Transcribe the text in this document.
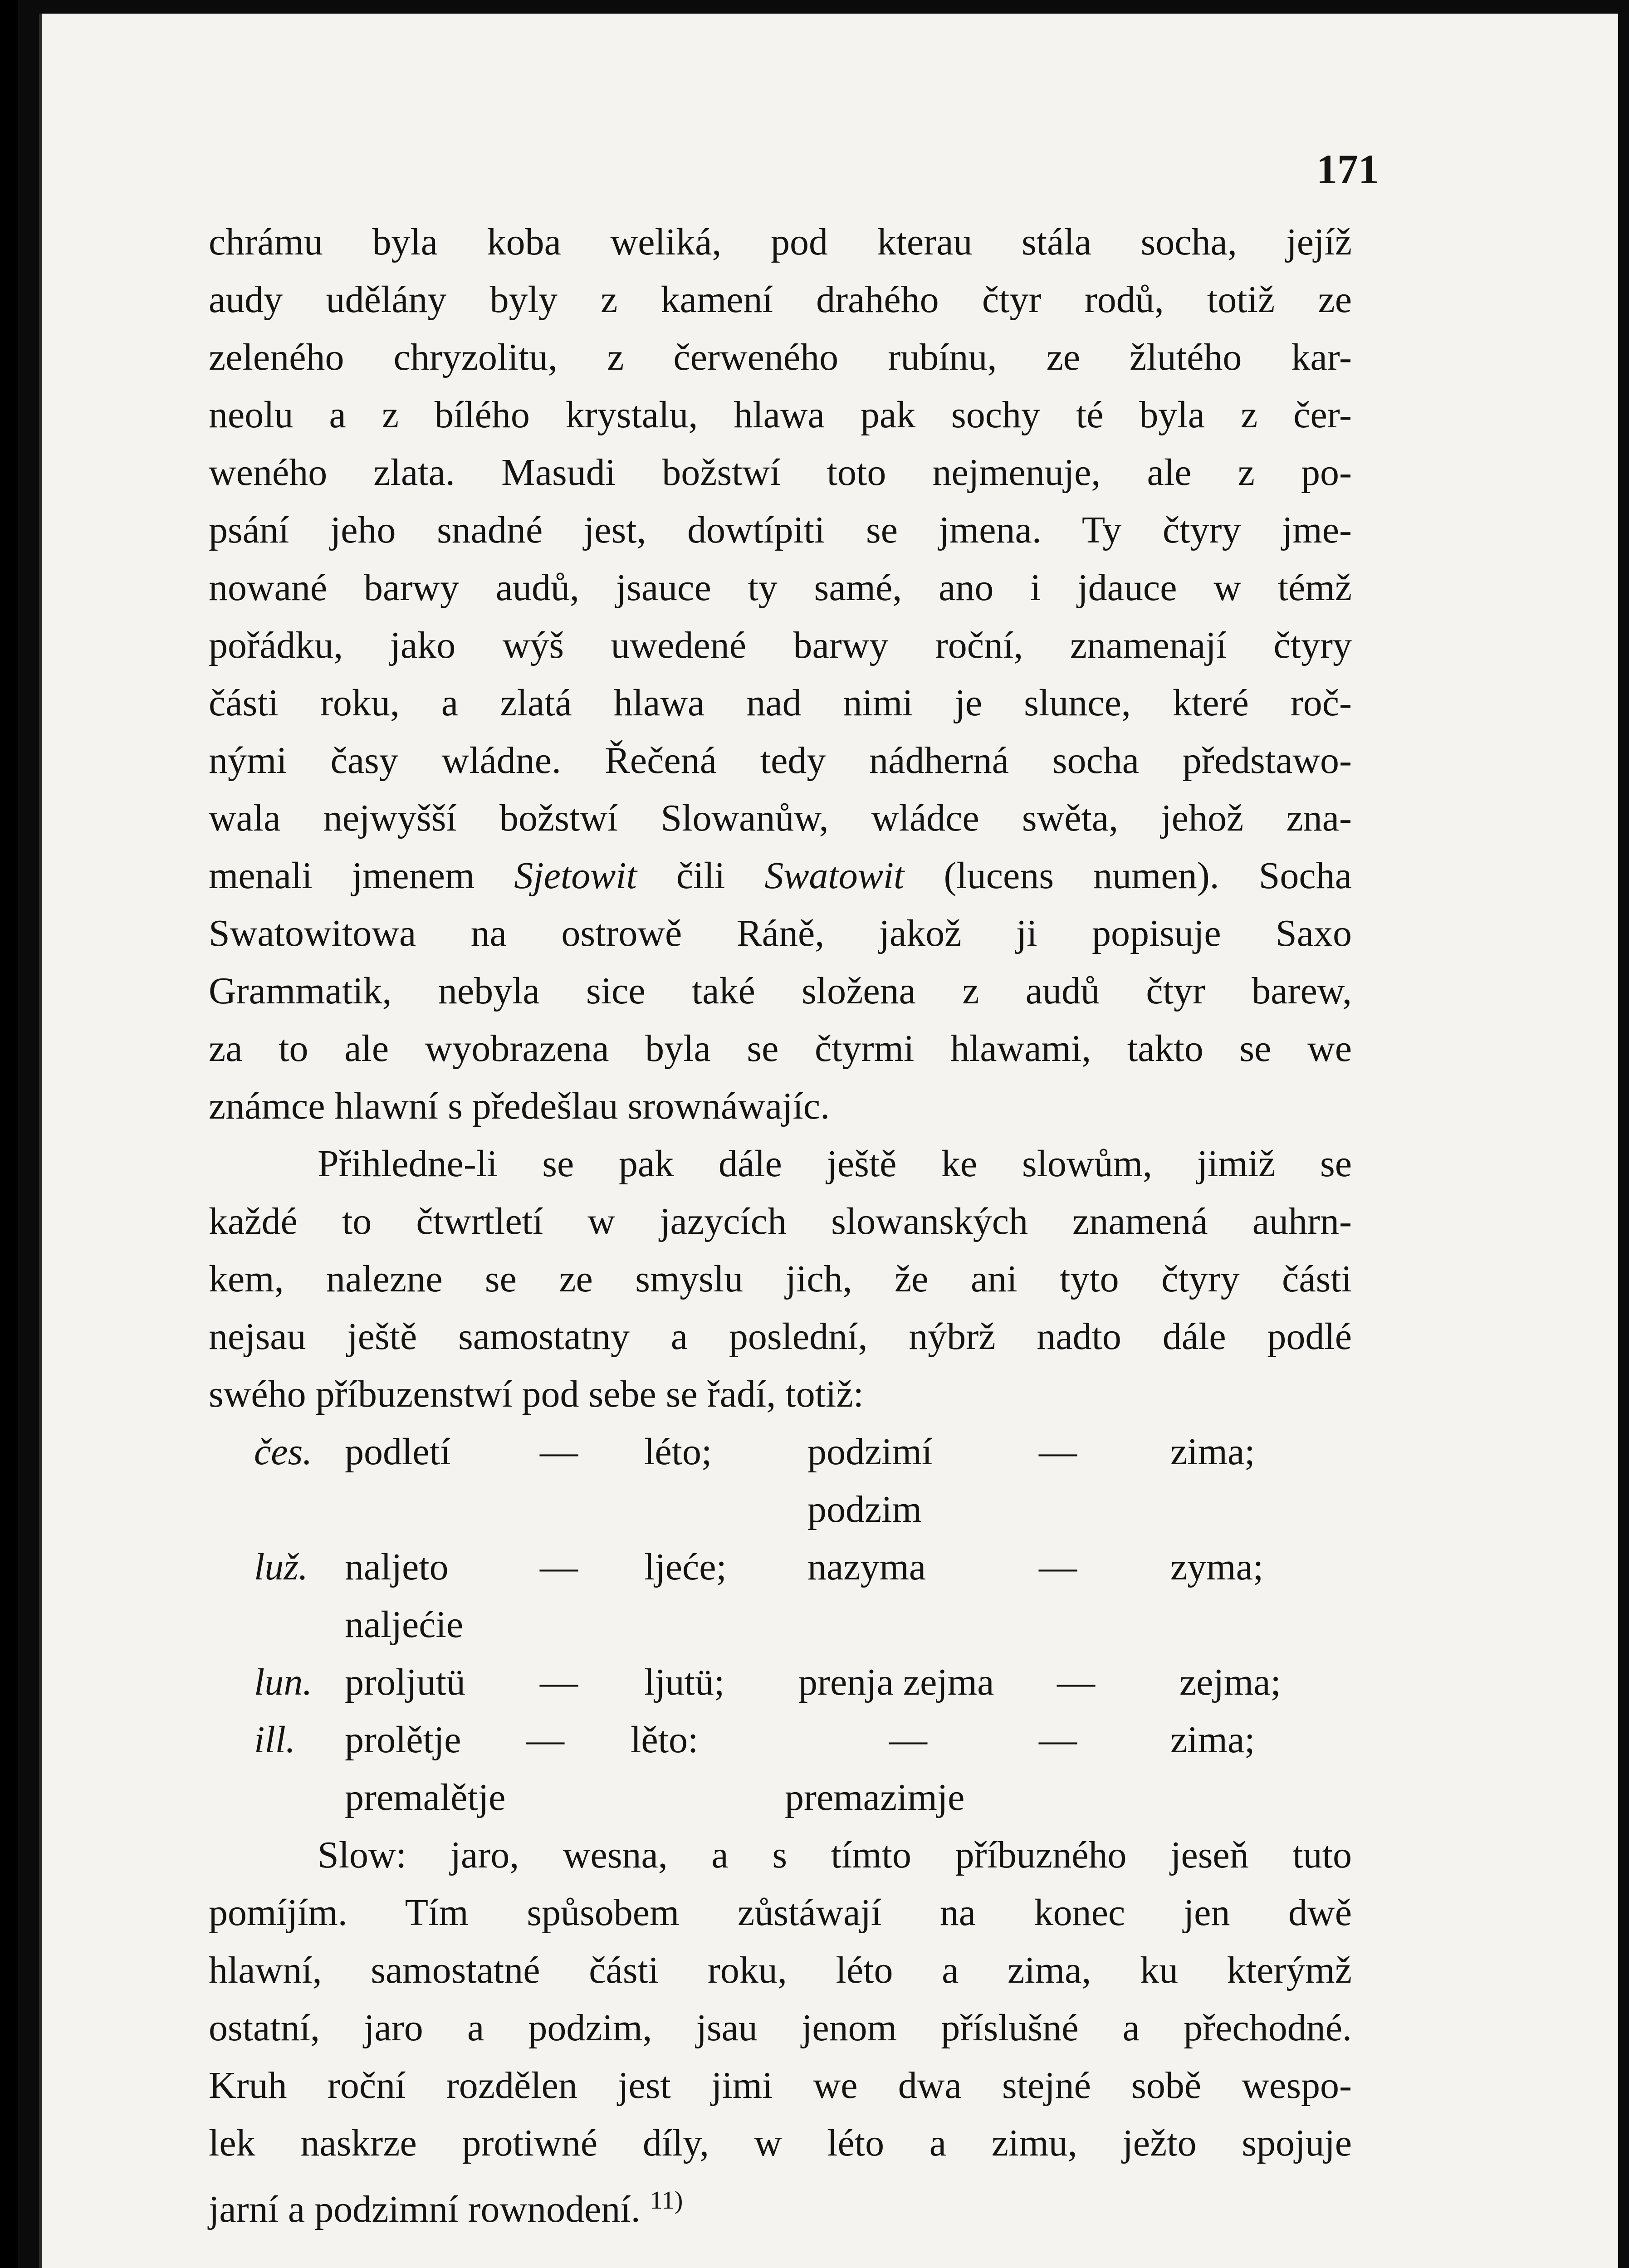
171
chrámu byla koba weliká, pod kterau stála socha, jejíž
audy udělány byly z kamení drahého čtyr rodů, totiž ze
zeleného chryzolitu, z čerweného rubínu, ze žlutého kar-
neolu a z bílého krystalu, hlawa pak sochy té byla z čer-
weného zlata. Masudi božstwí toto nejmenuje, ale z po-
psání jeho snadné jest, dowtípiti se jmena. Ty čtyry jme-
nowané barwy audů, jsauce ty samé, ano i jdauce w témž
pořádku, jako wýš uwedené barwy roční, znamenají čtyry
části roku, a zlatá hlawa nad nimi je slunce, které roč-
nými časy wládne. Řečená tedy nádherná socha předstawo-
wala nejwyšší božstwí Slowanůw, wládce swěta, jehož zna-
menali jmenem Sjetowit čili Swatowit (lucens numen). Socha
Swatowitowa na ostrowě Ráně, jakož ji popisuje Saxo
Grammatik, nebyla sice také složena z audů čtyr barew,
za to ale wyobrazena byla se čtyrmi hlawami, takto se we
známce hlawní s předešlau srownáwajíc.
Přihledne-li se pak dále ještě ke slowům, jimiž se
každé to čtwrtletí w jazycích slowanských znamená auhrn-
kem, nalezne se ze smyslu jich, že ani tyto čtyry části
nejsau ještě samostatny a poslední, nýbrž nadto dále podlé
swého příbuzenstwí pod sebe se řadí, totiž:
čes. podletí — léto;	podzimí	— zima;
podzim
luž. naljeto — ljeće; nazyma	— zyma;
naljećie
lun. proljutü — ljutü; prenja zejma — zejma;
ill. prolětje — lěto:	—	— zima;
premalětje	premazimje
Slow: jaro, wesna, a s tímto příbuzného jeseň tuto
pomíjím. Tím spůsobem zůstáwají na konec jen dwě
hlawní, samostatné části roku, léto a zima, ku kterýmž
ostatní, jaro a podzim, jsau jenom příslušné a přechodné.
Kruh roční rozdělen jest jimi we dwa stejné sobě wespo-
lek naskrze protiwné díly, w léto a zimu, ježto spojuje
jarní a podzimní rownodení. $^{11)}$
